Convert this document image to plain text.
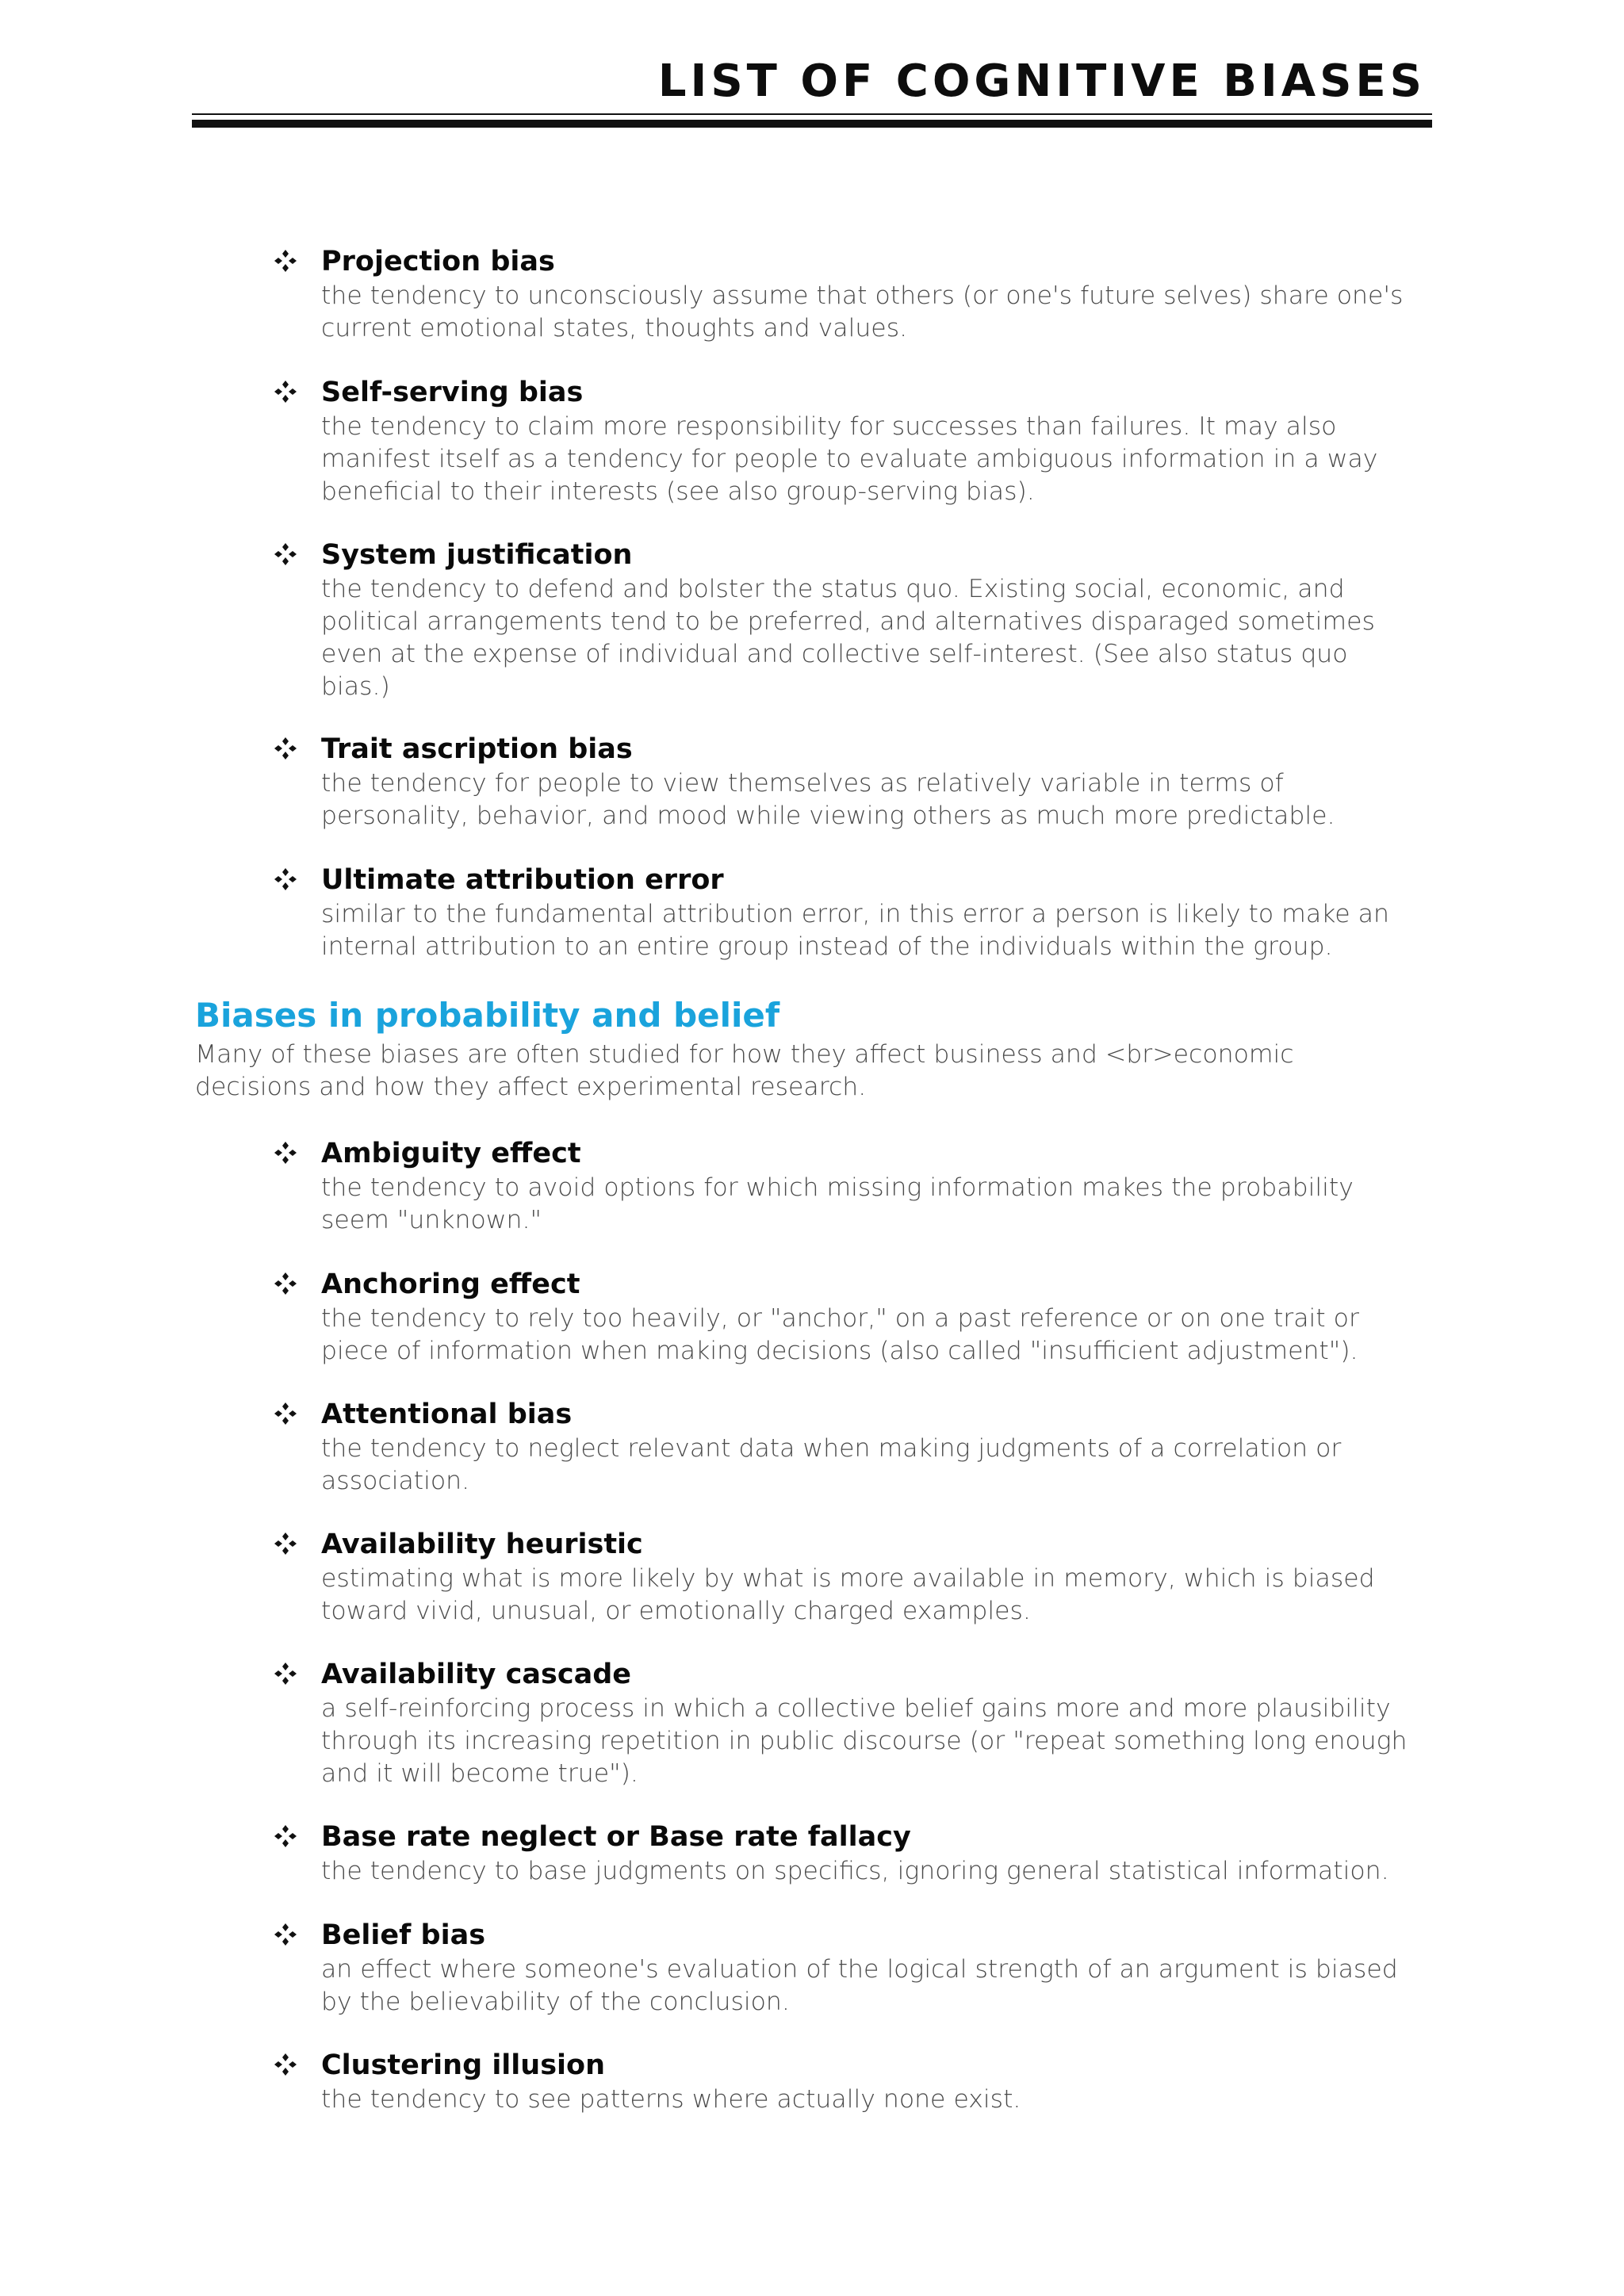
LIST OF COGNITIVE BIASES
Projection bias
the tendency to unconsciously assume that others (or one's future selves) share one's
current emotional states, thoughts and values.
Self-serving bias
the tendency to claim more responsibility for successes than failures. It may also
manifest itself as a tendency for people to evaluate ambiguous information in a way
beneficial to their interests (see also group-serving bias).
System justification
the tendency to defend and bolster the status quo. Existing social, economic, and
political arrangements tend to be preferred, and alternatives disparaged sometimes
even at the expense of individual and collective self-interest. (See also status quo
bias.)
Trait ascription bias
the tendency for people to view themselves as relatively variable in terms of
personality, behavior, and mood while viewing others as much more predictable.
Ultimate attribution error
similar to the fundamental attribution error, in this error a person is likely to make an
internal attribution to an entire group instead of the individuals within the group.
Biases in probability and belief
Many of these biases are often studied for how they affect business and <br>economic
decisions and how they affect experimental research.
Ambiguity effect
the tendency to avoid options for which missing information makes the probability
seem "unknown."
Anchoring effect
the tendency to rely too heavily, or "anchor," on a past reference or on one trait or
piece of information when making decisions (also called "insufficient adjustment").
Attentional bias
the tendency to neglect relevant data when making judgments of a correlation or
association.
Availability heuristic
estimating what is more likely by what is more available in memory, which is biased
toward vivid, unusual, or emotionally charged examples.
Availability cascade
a self-reinforcing process in which a collective belief gains more and more plausibility
through its increasing repetition in public discourse (or "repeat something long enough
and it will become true").
Base rate neglect or Base rate fallacy
the tendency to base judgments on specifics, ignoring general statistical information.
Belief bias
an effect where someone's evaluation of the logical strength of an argument is biased
by the believability of the conclusion.
Clustering illusion
the tendency to see patterns where actually none exist.
